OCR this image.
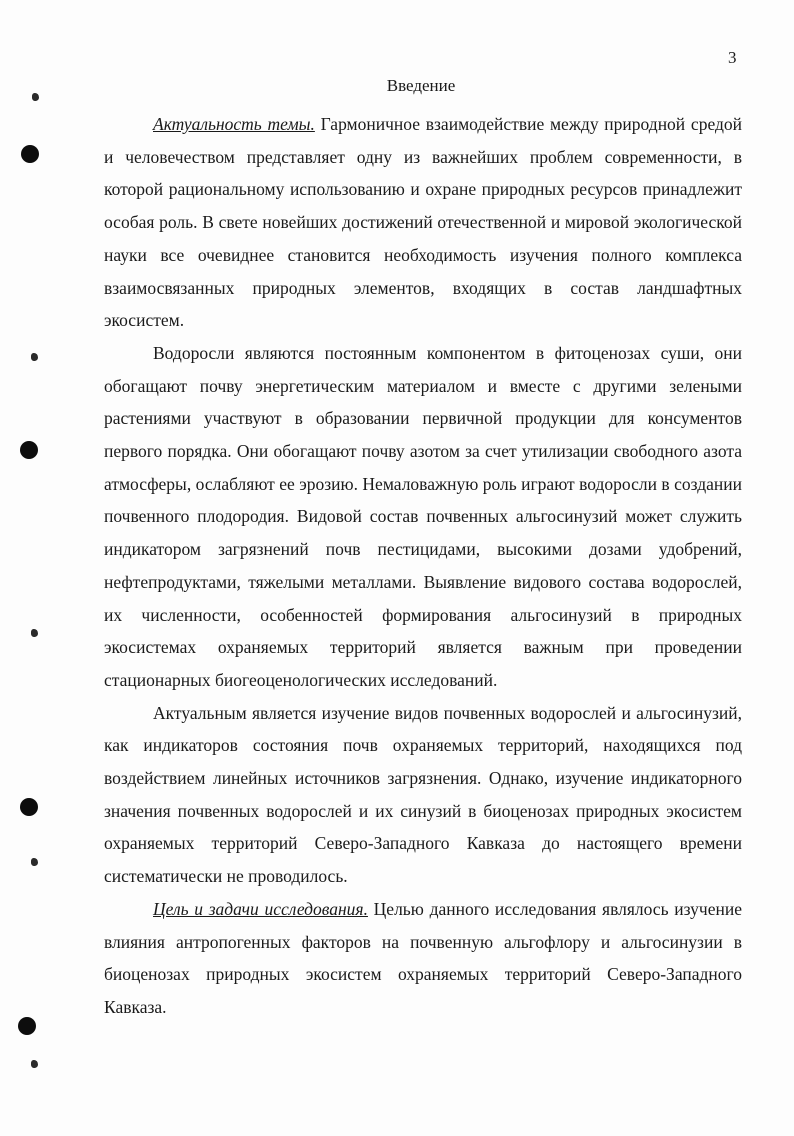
3
Введение

Актуальность темы. Гармоничное взаимодействие между природной средой и человечеством представляет одну из важнейших проблем современности, в которой рациональному использованию и охране природных ресурсов принадлежит особая роль. В свете новейших достижений отечественной и мировой экологической науки все очевиднее становится необходимость изучения полного комплекса взаимосвязанных природных элементов, входящих в состав ландшафтных экосистем.

Водоросли являются постоянным компонентом в фитоценозах суши, они обогащают почву энергетическим материалом и вместе с другими зелеными растениями участвуют в образовании первичной продукции для консументов первого порядка. Они обогащают почву азотом за счет утилизации свободного азота атмосферы, ослабляют ее эрозию. Немаловажную роль играют водоросли в создании почвенного плодородия. Видовой состав почвенных альгосинузий может служить индикатором загрязнений почв пестицидами, высокими дозами удобрений, нефтепродуктами, тяжелыми металлами. Выявление видового состава водорослей, их численности, особенностей формирования альгосинузий в природных экосистемах охраняемых территорий является важным при проведении стационарных биогеоценологических исследований.

Актуальным является изучение видов почвенных водорослей и альгосинузий, как индикаторов состояния почв охраняемых территорий, находящихся под воздействием линейных источников загрязнения. Однако, изучение индикаторного значения почвенных водорослей и их синузий в биоценозах природных экосистем охраняемых территорий Северо-Западного Кавказа до настоящего времени систематически не проводилось.

Цель и задачи исследования. Целью данного исследования являлось изучение влияния антропогенных факторов на почвенную альгофлору и альгосинузии в биоценозах природных экосистем охраняемых территорий Северо-Западного Кавказа.
